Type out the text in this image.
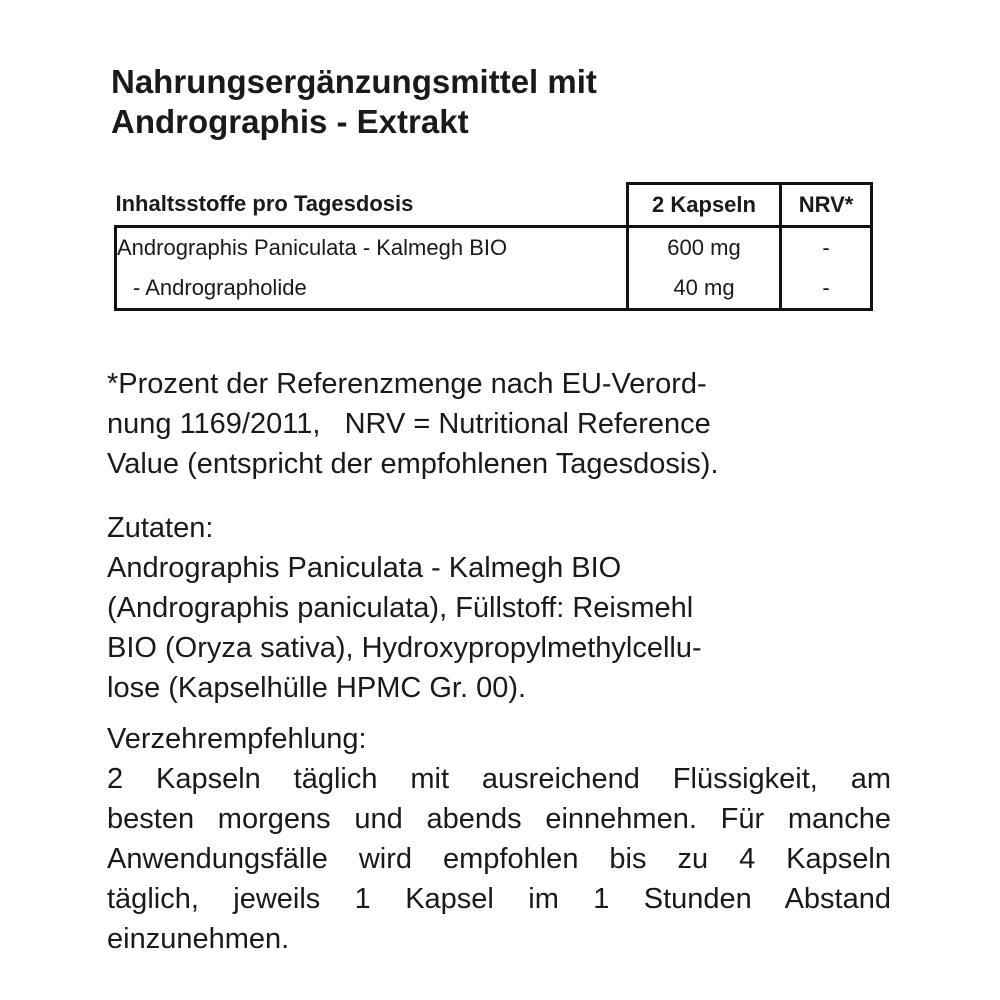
Nahrungsergänzungsmittel mit
Andrographis - Extrakt
Inhaltsstoffe pro Tagesdosis	2 Kapseln	NRV*
Andrographis Paniculata - Kalmegh BIO	600 mg	-
- Andrographolide	40 mg	-
*Prozent der Referenzmenge nach EU-Verord-
nung 1169/2011,   NRV = Nutritional Reference
Value (entspricht der empfohlenen Tagesdosis).
Zutaten:
Andrographis Paniculata - Kalmegh BIO
(Andrographis paniculata), Füllstoff: Reismehl
BIO (Oryza sativa), Hydroxypropylmethylcellu-
lose (Kapselhülle HPMC Gr. 00).
Verzehrempfehlung:
2 Kapseln täglich mit ausreichend Flüssigkeit, am
besten morgens und abends einnehmen. Für manche
Anwendungsfälle wird empfohlen bis zu 4 Kapseln
täglich, jeweils 1 Kapsel im 1 Stunden Abstand
einzunehmen.
